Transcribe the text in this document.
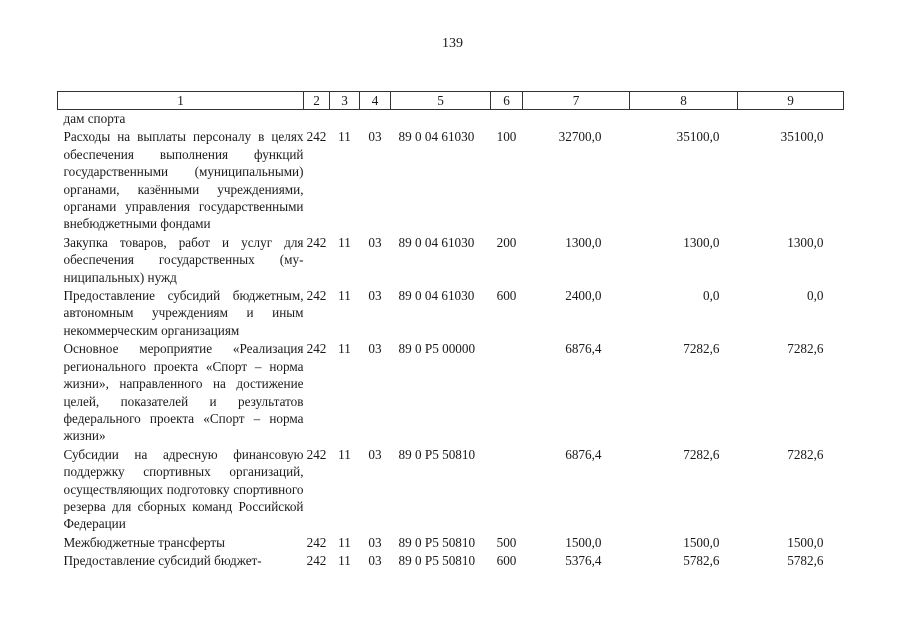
139
1	2	3	4	5	6	7	8	9
дам спорта								
Расходы на выплаты персоналу в целях обеспечения выполнения функций государственными (муниципальными) органами, казёнными учреждениями, органами управления государственными внебюджетными фондами	242	11	03	89 0 04 61030	100	32700,0	35100,0	35100,0
Закупка товаров, работ и услуг для обеспечения государственных (муниципальных) нужд	242	11	03	89 0 04 61030	200	1300,0	1300,0	1300,0
Предоставление субсидий бюджетным, автономным учреждениям и иным некоммерческим организациям	242	11	03	89 0 04 61030	600	2400,0	0,0	0,0
Основное мероприятие «Реализация регионального проекта «Спорт – норма жизни», направленного на достижение целей, показателей и результатов федерального проекта «Спорт – норма жизни»	242	11	03	89 0 P5 00000		6876,4	7282,6	7282,6
Субсидии на адресную финансовую поддержку спортивных организаций, осуществляющих подготовку спортивного резерва для сборных команд Российской Федерации	242	11	03	89 0 P5 50810		6876,4	7282,6	7282,6
Межбюджетные трансферты	242	11	03	89 0 P5 50810	500	1500,0	1500,0	1500,0
Предоставление субсидий бюджет-	242	11	03	89 0 P5 50810	600	5376,4	5782,6	5782,6
